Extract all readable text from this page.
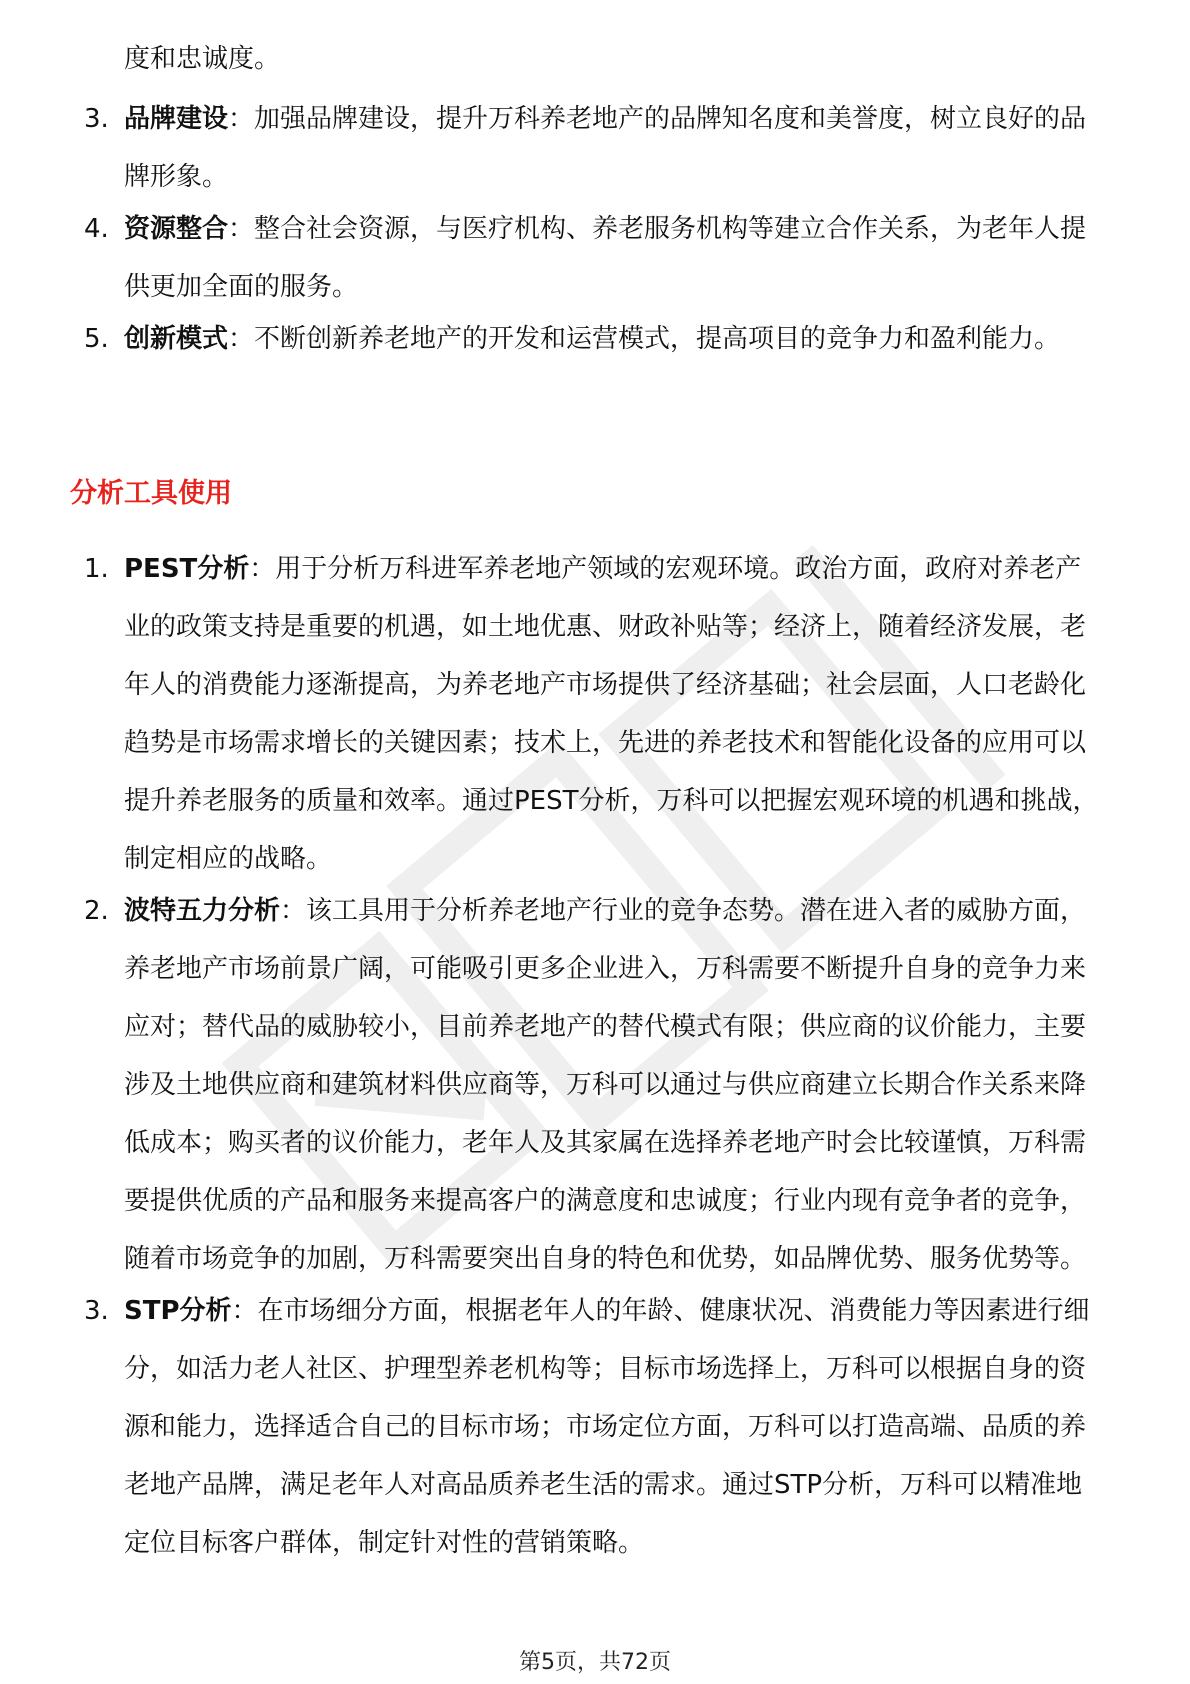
度和忠诚度。
1. 3. 品牌建设：加强品牌建设，提升万科养老地产的品牌知名度和美誉度，树立良好的品牌形象。
2. 4. 资源整合：整合社会资源，与医疗机构、养老服务机构等建立合作关系，为老年人提供更加全面的服务。
3. 5. 创新模式：不断创新养老地产的开发和运营模式，提高项目的竞争力和盈利能力。
分析工具使用
1. 1. PEST分析：用于分析万科进军养老地产领域的宏观环境。政治方面，政府对养老产业的政策支持是重要的机遇，如土地优惠、财政补贴等；经济上，随着经济发展，老年人的消费能力逐渐提高，为养老地产市场提供了经济基础；社会层面，人口老龄化趋势是市场需求增长的关键因素；技术上，先进的养老技术和智能化设备的应用可以提升养老服务的质量和效率。通过PEST分析，万科可以把握宏观环境的机遇和挑战，制定相应的战略。
2. 2. 波特五力分析：该工具用于分析养老地产行业的竞争态势。潜在进入者的威胁方面，养老地产市场前景广阔，可能吸引更多企业进入，万科需要不断提升自身的竞争力来应对；替代品的威胁较小，目前养老地产的替代模式有限；供应商的议价能力，主要涉及土地供应商和建筑材料供应商等，万科可以通过与供应商建立长期合作关系来降低成本；购买者的议价能力，老年人及其家属在选择养老地产时会比较谨慎，万科需要提供优质的产品和服务来提高客户的满意度和忠诚度；行业内现有竞争者的竞争，随着市场竞争的加剧，万科需要突出自身的特色和优势，如品牌优势、服务优势等。
3. 3. STP分析：在市场细分方面，根据老年人的年龄、健康状况、消费能力等因素进行细分，如活力老人社区、护理型养老机构等；目标市场选择上，万科可以根据自身的资源和能力，选择适合自己的目标市场；市场定位方面，万科可以打造高端、品质的养老地产品牌，满足老年人对高品质养老生活的需求。通过STP分析，万科可以精准地定位目标客户群体，制定针对性的营销策略。
第5页，共72页
